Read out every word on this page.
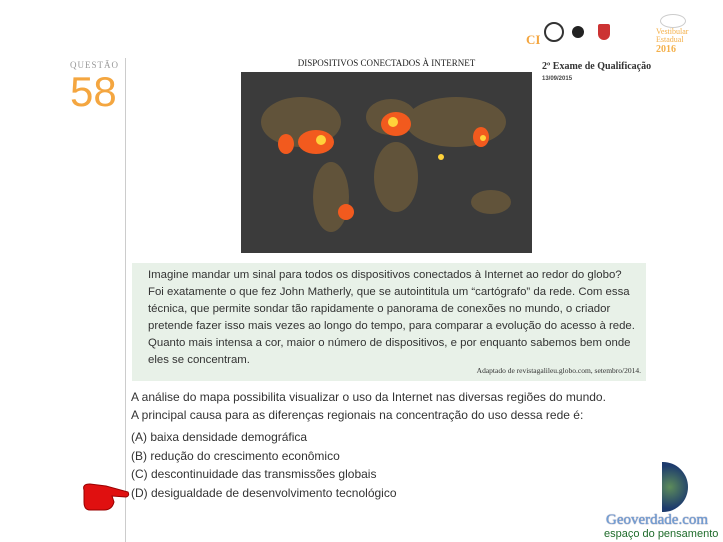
QUESTÃO
58
CI
Vestibular
Estadual
2016
2º Exame de Qualificação
13/09/2015
DISPOSITIVOS CONECTADOS À INTERNET
Imagine mandar um sinal para todos os dispositivos conectados à Internet ao redor do globo? Foi exatamente o que fez John Matherly, que se autointitula um “cartógrafo” da rede. Com essa técnica, que permite sondar tão rapidamente o panorama de conexões no mundo, o criador pretende fazer isso mais vezes ao longo do tempo, para comparar a evolução do acesso à rede. Quanto mais intensa a cor, maior o número de dispositivos, e por enquanto sabemos bem onde eles se concentram.
Adaptado de revistagalileu.globo.com, setembro/2014.
A análise do mapa possibilita visualizar o uso da Internet nas diversas regiões do mundo.
A principal causa para as diferenças regionais na concentração do uso dessa rede é:
(A) baixa densidade demográfica
(B) redução do crescimento econômico
(C) descontinuidade das transmissões globais
(D) desigualdade de desenvolvimento tecnológico
Geoverdade.com
espaço do pensamento
